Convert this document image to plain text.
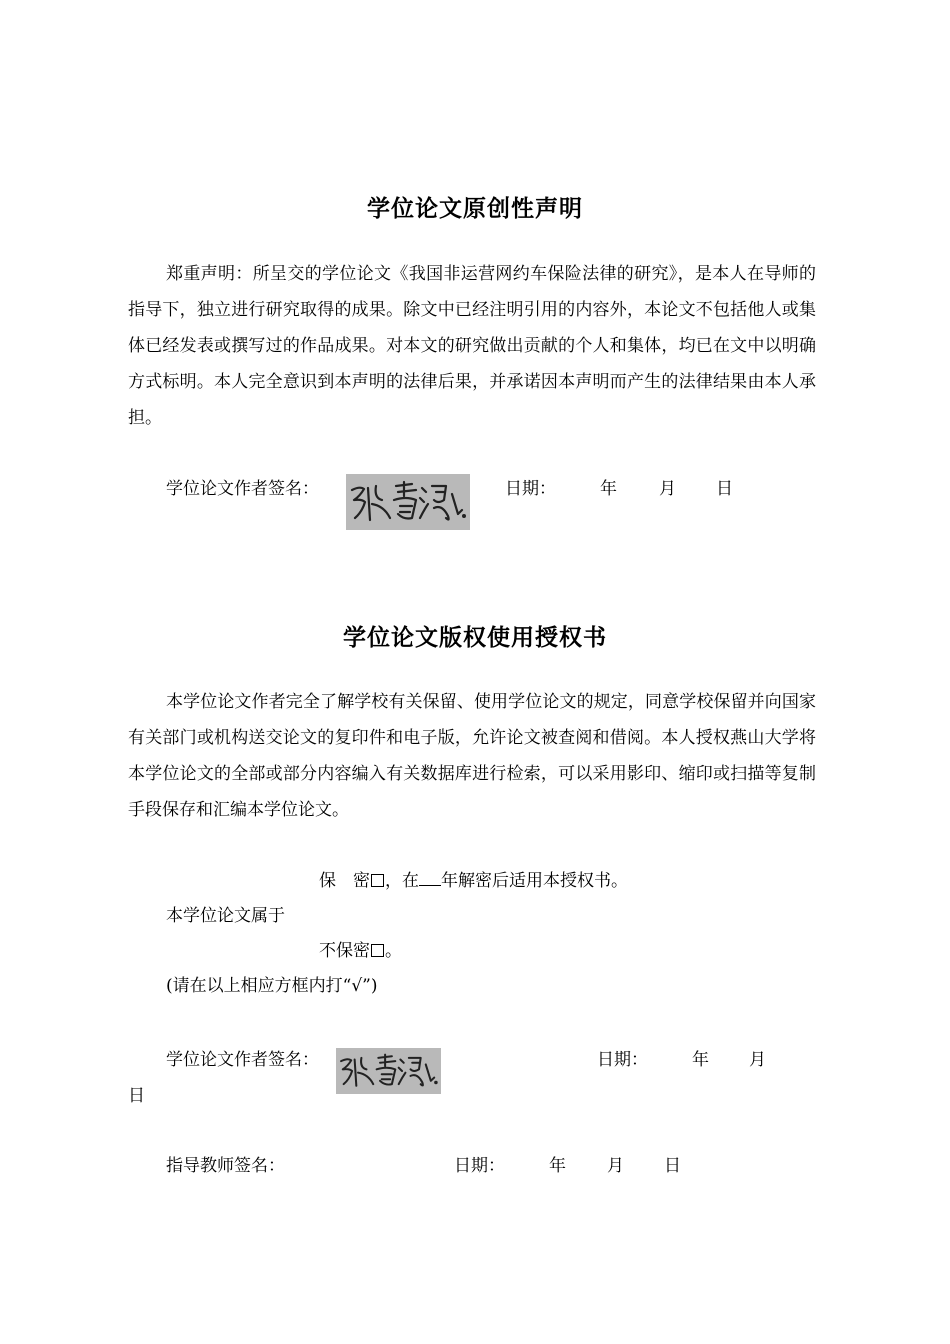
学位论文原创性声明
郑重声明：所呈交的学位论文《我国非运营网约车保险法律的研究》，是本人在导师的指导下，独立进行研究取得的成果。除文中已经注明引用的内容外，本论文不包括他人或集体已经发表或撰写过的作品成果。对本文的研究做出贡献的个人和集体，均已在文中以明确方式标明。本人完全意识到本声明的法律后果，并承诺因本声明而产生的法律结果由本人承担。
学位论文作者签名：	日期：	年 月 日
学位论文版权使用授权书
本学位论文作者完全了解学校有关保留、使用学位论文的规定，同意学校保留并向国家有关部门或机构送交论文的复印件和电子版，允许论文被查阅和借阅。本人授权燕山大学将本学位论文的全部或部分内容编入有关数据库进行检索，可以采用影印、缩印或扫描等复制手段保存和汇编本学位论文。
保　密 ，在 年解密后适用本授权书。
本学位论文属于
不保密 。
(请在以上相应方框内打“√”)
学位论文作者签名：	日期：	年 月
日
指导教师签名：	日期：	年 月 日
